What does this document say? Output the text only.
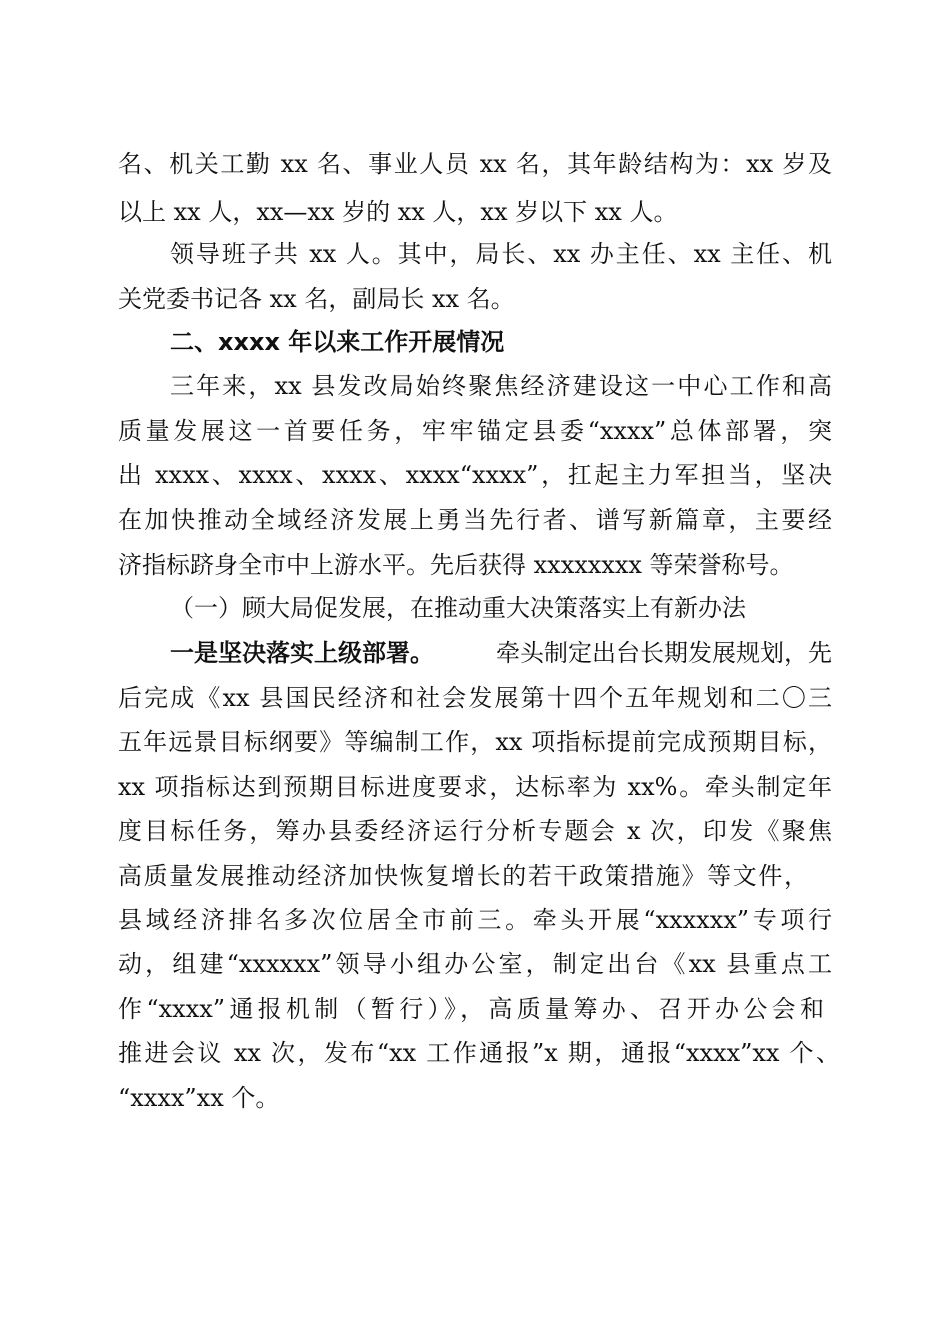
名、机关工勤 xx 名、事业人员 xx 名，其年龄结构为：xx 岁及

以上 xx 人，xx—xx 岁的 xx 人，xx 岁以下 xx 人。

领导班子共 xx 人。其中，局长、xx 办主任、xx 主任、机

关党委书记各 xx 名，副局长 xx 名。

二、xxxx 年以来工作开展情况

三年来，xx 县发改局始终聚焦经济建设这一中心工作和高

质量发展这一首要任务，牢牢锚定县委“xxxx”总体部署，突

出 xxxx、xxxx、xxxx、xxxx“xxxx”，扛起主力军担当，坚决

在加快推动全域经济发展上勇当先行者、谱写新篇章，主要经

济指标跻身全市中上游水平。先后获得 xxxxxxxx 等荣誉称号。

（一）顾大局促发展，在推动重大决策落实上有新办法

一是坚决落实上级部署。	牵头制定出台长期发展规划，先

后完成《xx 县国民经济和社会发展第十四个五年规划和二〇三

五年远景目标纲要》等编制工作，xx 项指标提前完成预期目标，

xx 项指标达到预期目标进度要求，达标率为 xx%。牵头制定年

度目标任务，筹办县委经济运行分析专题会 x 次，印发《聚焦

高质量发展推动经济加快恢复增长的若干政策措施》等文件，

县域经济排名多次位居全市前三。牵头开展“xxxxxx”专项行

动，组建“xxxxxx”领导小组办公室，制定出台《xx 县重点工

作“xxxx”通报机制（暂行）》，高质量筹办、召开办公会和

推进会议 xx 次，发布“xx 工作通报”x 期，通报“xxxx”xx 个、

“xxxx”xx 个。
